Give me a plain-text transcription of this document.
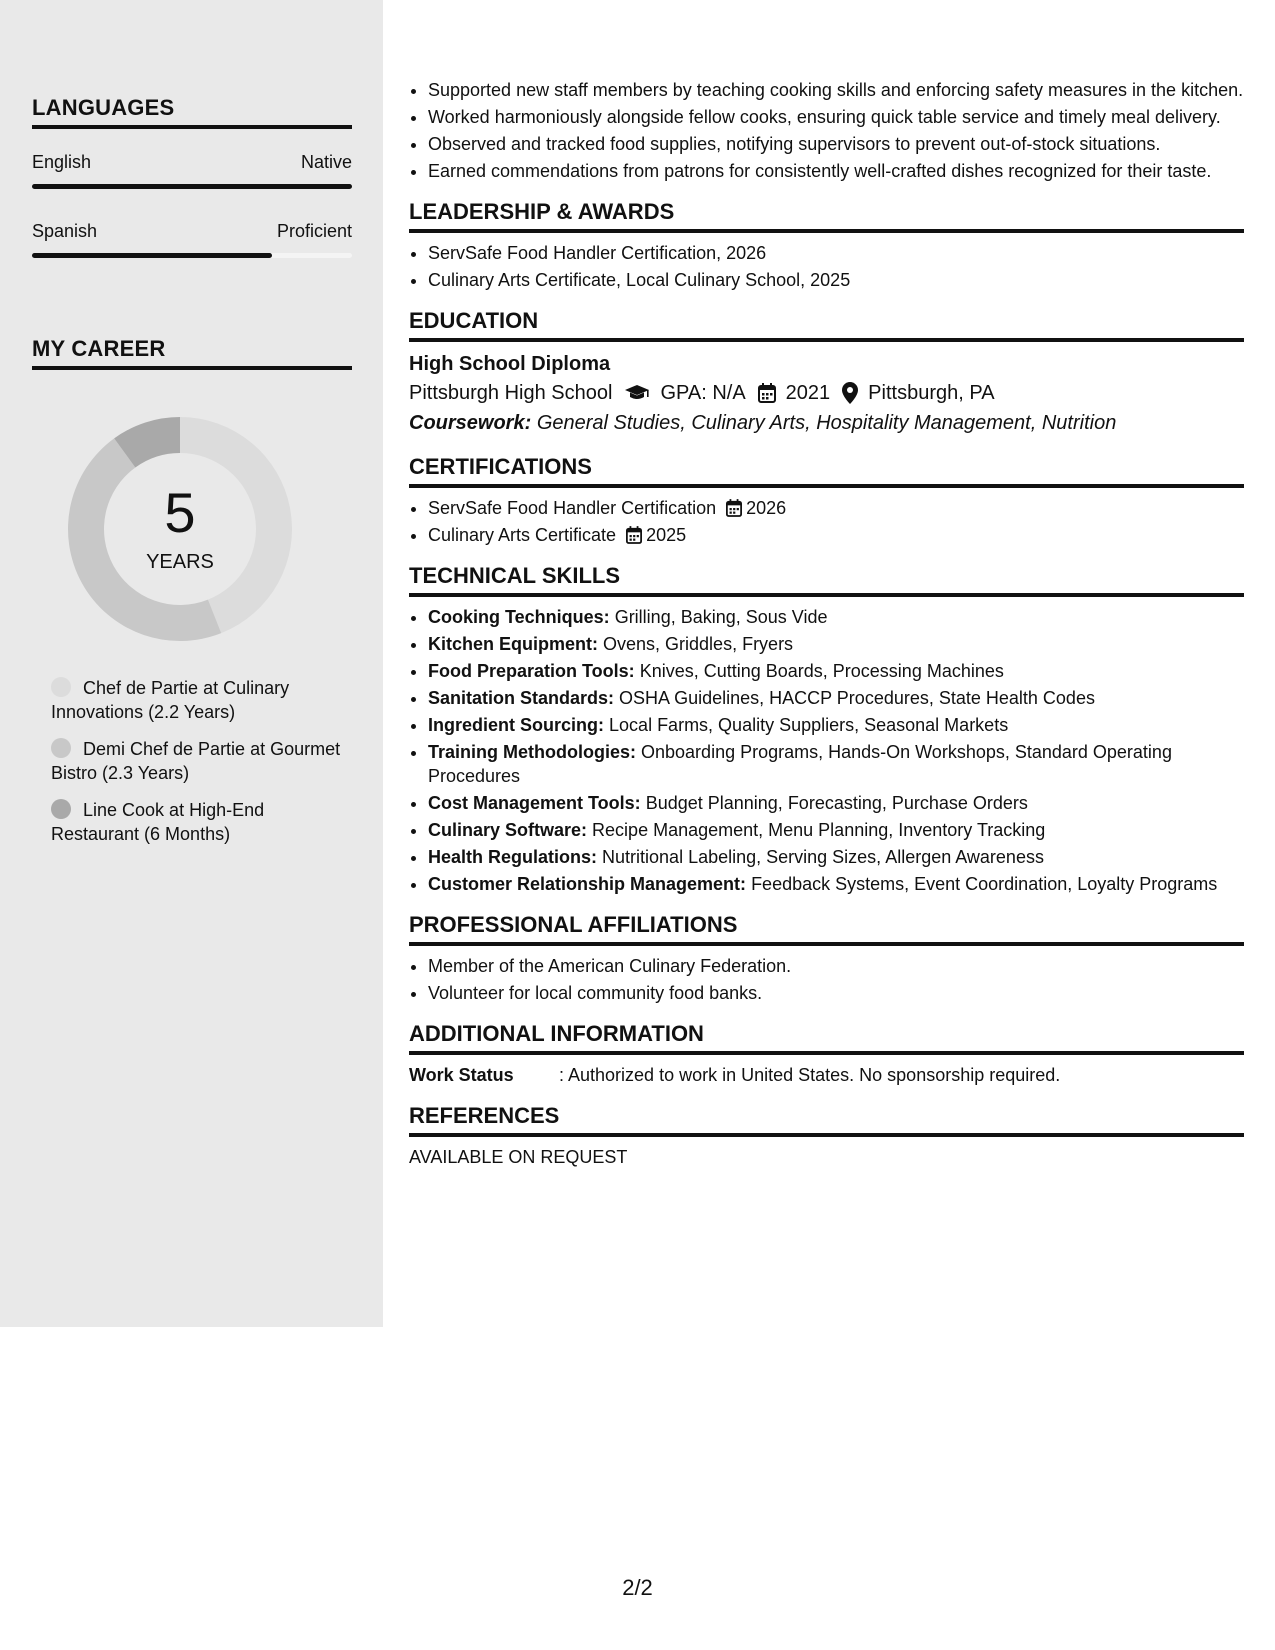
LANGUAGES
English	Native
Spanish	Proficient
MY CAREER
5
YEARS
Chef de Partie at Culinary Innovations (2.2 Years)
Demi Chef de Partie at Gourmet Bistro (2.3 Years)
Line Cook at High-End Restaurant (6 Months)
• Supported new staff members by teaching cooking skills and enforcing safety measures in the kitchen.
• Worked harmoniously alongside fellow cooks, ensuring quick table service and timely meal delivery.
• Observed and tracked food supplies, notifying supervisors to prevent out-of-stock situations.
• Earned commendations from patrons for consistently well-crafted dishes recognized for their taste.
LEADERSHIP & AWARDS
• ServSafe Food Handler Certification, 2026
• Culinary Arts Certificate, Local Culinary School, 2025
EDUCATION
High School Diploma
Pittsburgh High School GPA: N/A 2021 Pittsburgh, PA
Coursework: General Studies, Culinary Arts, Hospitality Management, Nutrition
CERTIFICATIONS
• ServSafe Food Handler Certification 2026
• Culinary Arts Certificate 2025
TECHNICAL SKILLS
• Cooking Techniques: Grilling, Baking, Sous Vide
• Kitchen Equipment: Ovens, Griddles, Fryers
• Food Preparation Tools: Knives, Cutting Boards, Processing Machines
• Sanitation Standards: OSHA Guidelines, HACCP Procedures, State Health Codes
• Ingredient Sourcing: Local Farms, Quality Suppliers, Seasonal Markets
• Training Methodologies: Onboarding Programs, Hands-On Workshops, Standard Operating Procedures
• Cost Management Tools: Budget Planning, Forecasting, Purchase Orders
• Culinary Software: Recipe Management, Menu Planning, Inventory Tracking
• Health Regulations: Nutritional Labeling, Serving Sizes, Allergen Awareness
• Customer Relationship Management: Feedback Systems, Event Coordination, Loyalty Programs
PROFESSIONAL AFFILIATIONS
• Member of the American Culinary Federation.
• Volunteer for local community food banks.
ADDITIONAL INFORMATION
Work Status	: Authorized to work in United States. No sponsorship required.
REFERENCES
AVAILABLE ON REQUEST
2/2
